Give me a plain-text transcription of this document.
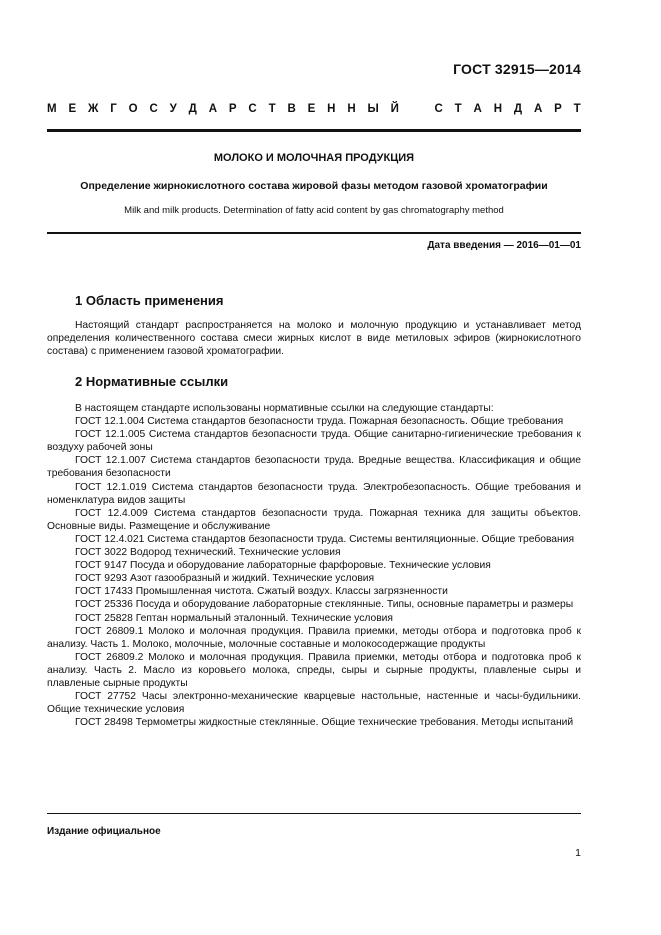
ГОСТ 32915—2014
М Е Ж Г О С У Д А Р С Т В Е Н Н Ы Й	С Т А Н Д А Р Т
МОЛОКО И МОЛОЧНАЯ ПРОДУКЦИЯ
Определение жирнокислотного состава жировой фазы методом газовой хроматографии
Milk and milk products. Determination of fatty acid content by gas chromatography method
Дата введения — 2016—01—01
1 Область применения

Настоящий стандарт распространяется на молоко и молочную продукцию и устанавливает метод определения количественного состава смеси жирных кислот в виде метиловых эфиров (жирнокислотного состава) с применением газовой хроматографии.

2 Нормативные ссылки

В настоящем стандарте использованы нормативные ссылки на следующие стандарты:

ГОСТ 12.1.004 Система стандартов безопасности труда. Пожарная безопасность. Общие требования

ГОСТ 12.1.005 Система стандартов безопасности труда. Общие санитарно-гигиенические требования к воздуху рабочей зоны

ГОСТ 12.1.007 Система стандартов безопасности труда. Вредные вещества. Классификация и общие требования безопасности

ГОСТ 12.1.019 Система стандартов безопасности труда. Электробезопасность. Общие требования и номенклатура видов защиты

ГОСТ 12.4.009 Система стандартов безопасности труда. Пожарная техника для защиты объектов. Основные виды. Размещение и обслуживание

ГОСТ 12.4.021 Система стандартов безопасности труда. Системы вентиляционные. Общие требования

ГОСТ 3022 Водород технический. Технические условия

ГОСТ 9147 Посуда и оборудование лабораторные фарфоровые. Технические условия

ГОСТ 9293 Азот газообразный и жидкий. Технические условия

ГОСТ 17433 Промышленная чистота. Сжатый воздух. Классы загрязненности

ГОСТ 25336 Посуда и оборудование лабораторные стеклянные. Типы, основные параметры и размеры

ГОСТ 25828 Гептан нормальный эталонный. Технические условия

ГОСТ 26809.1 Молоко и молочная продукция. Правила приемки, методы отбора и подготовка проб к анализу. Часть 1. Молоко, молочные, молочные составные и молокосодержащие продукты

ГОСТ 26809.2 Молоко и молочная продукция. Правила приемки, методы отбора и подготовка проб к анализу. Часть 2. Масло из коровьего молока, спреды, сыры и сырные продукты, плавленые сыры и плавленые сырные продукты

ГОСТ 27752 Часы электронно-механические кварцевые настольные, настенные и часы-будильники. Общие технические условия

ГОСТ 28498 Термометры жидкостные стеклянные. Общие технические требования. Методы испытаний

Издание официальное
1
